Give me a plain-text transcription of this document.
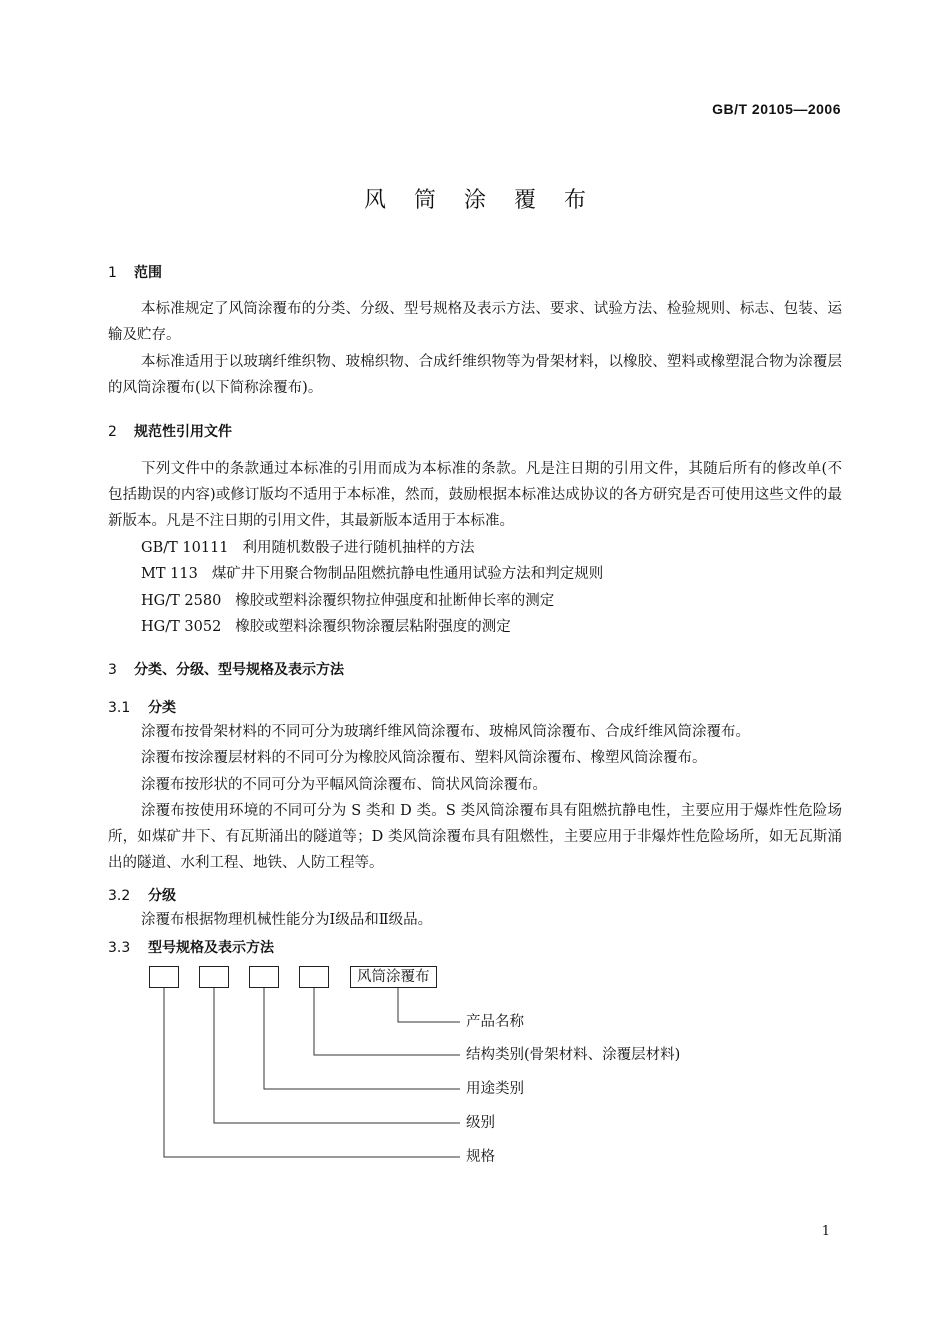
GB/T 20105—2006
风筒涂覆布
1 范围
本标准规定了风筒涂覆布的分类、分级、型号规格及表示方法、要求、试验方法、检验规则、标志、包装、运输及贮存。
本标准适用于以玻璃纤维织物、玻棉织物、合成纤维织物等为骨架材料，以橡胶、塑料或橡塑混合物为涂覆层的风筒涂覆布(以下简称涂覆布)。
2 规范性引用文件
下列文件中的条款通过本标准的引用而成为本标准的条款。凡是注日期的引用文件，其随后所有的修改单(不包括勘误的内容)或修订版均不适用于本标准，然而，鼓励根据本标准达成协议的各方研究是否可使用这些文件的最新版本。凡是不注日期的引用文件，其最新版本适用于本标准。
GB/T 10111 利用随机数骰子进行随机抽样的方法
MT 113 煤矿井下用聚合物制品阻燃抗静电性通用试验方法和判定规则
HG/T 2580 橡胶或塑料涂覆织物拉伸强度和扯断伸长率的测定
HG/T 3052 橡胶或塑料涂覆织物涂覆层粘附强度的测定
3 分类、分级、型号规格及表示方法
3.1 分类
涂覆布按骨架材料的不同可分为玻璃纤维风筒涂覆布、玻棉风筒涂覆布、合成纤维风筒涂覆布。
涂覆布按涂覆层材料的不同可分为橡胶风筒涂覆布、塑料风筒涂覆布、橡塑风筒涂覆布。
涂覆布按形状的不同可分为平幅风筒涂覆布、筒状风筒涂覆布。
涂覆布按使用环境的不同可分为 S 类和 D 类。S 类风筒涂覆布具有阻燃抗静电性，主要应用于爆炸性危险场所，如煤矿井下、有瓦斯涌出的隧道等；D 类风筒涂覆布具有阻燃性，主要应用于非爆炸性危险场所，如无瓦斯涌出的隧道、水利工程、地铁、人防工程等。
3.2 分级
涂覆布根据物理机械性能分为Ⅰ级品和Ⅱ级品。
3.3 型号规格及表示方法
风筒涂覆布
产品名称
结构类别(骨架材料、涂覆层材料)
用途类别
级别
规格
1
